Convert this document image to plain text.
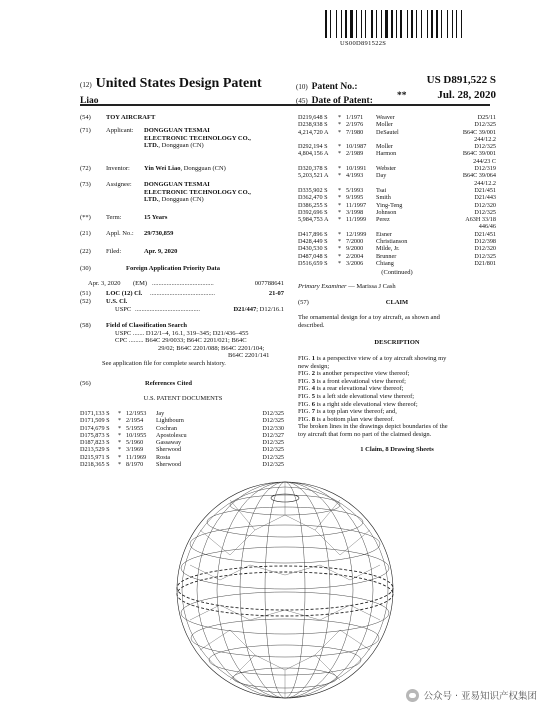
US00D891522S
(12) United States Design Patent
Liao
(10) Patent No.:
US D891,522 S
(45) Date of Patent:	**	Jul. 28, 2020
(54)	TOY AIRCRAFT
(71)	Applicant: DONGGUAN TESMAI
ELECTRONIC TECHNOLOGY CO.,
LTD., Dongguan (CN)
(72)	Inventor: Yin Wei Liao, Dongguan (CN)
(73)	Assignee: DONGGUAN TESMAI
ELECTRONIC TECHNOLOGY CO.,
LTD., Dongguan (CN)
(**)	Term:	15 Years
(21)	Appl. No.: 29/730,859
(22)	Filed:	Apr. 9, 2020
(30)	Foreign Application Priority Data
Apr. 3, 2020 (EM) ......................................	007788641
(51)	LOC (12) Cl. ........................................	21-07
(52)	U.S. Cl.
USPC ........................................	D21/447; D12/16.1
(58)	Field of Classification Search
USPC ....... D12/1–4, 16.1, 319–345; D21/436–455
CPC ......... B64C 29/0033; B64C 2201/021; B64C
29/02; B64C 2201/088; B64C 2201/104;
B64C 2201/141
See application file for complete search history.
(56)	References Cited
U.S. PATENT DOCUMENTS
D171,133 S * 12/1953 Jay	D12/325
D171,509 S * 2/1954 Lightbourn	D12/325
D174,679 S * 5/1955 Cochran	D12/330
D175,873 S * 10/1955 Apostolescu	D12/327
D187,823 S * 5/1960 Gassaway	D12/325
D213,529 S * 3/1969 Sherwood	D12/325
D215,971 S * 11/1969 Rosta	D12/325
D218,365 S * 8/1970 Sherwood	D12/325
D219,648 S * 1/1971 Weaver	D25/11
D238,938 S * 2/1976 Moller	D12/325
4,214,720 A * 7/1980 DeSautel	B64C 39/001
244/12.2
D292,194 S * 10/1987 Moller	D12/325
4,804,156 A * 2/1989 Harmon	B64C 39/001
244/23 C
D320,378 S * 10/1991 Webster	D12/319
5,203,521 A * 4/1993 Day	B64C 39/064
244/12.2
D335,902 S * 5/1993 Tsai	D21/451
D362,470 S * 9/1995 Smith	D21/443
D386,255 S * 11/1997 Ying-Teng	D12/320
D392,696 S * 3/1998 Johnson	D12/325
5,984,753 A * 11/1999 Perez	A63H 33/18
446/46
D417,896 S * 12/1999 Eisner	D21/451
D428,449 S * 7/2000 Christianson	D12/398
D430,530 S * 9/2000 Milde, Jr.	D12/320
D487,048 S * 2/2004 Brunner	D12/325
D516,659 S * 3/2006 Chiang	D21/801
(Continued)
Primary Examiner — Marissa J Cash
(57)	CLAIM
The ornamental design for a toy aircraft, as shown and
described.
DESCRIPTION
FIG. 1 is a perspective view of a toy aircraft showing my
new design;
FIG. 2 is another perspective view thereof;
FIG. 3 is a front elevational view thereof;
FIG. 4 is a rear elevational view thereof;
FIG. 5 is a left side elevational view thereof;
FIG. 6 is a right side elevational view thereof;
FIG. 7 is a top plan view thereof; and,
FIG. 8 is a bottom plan view thereof.
The broken lines in the drawings depict boundaries of the
toy aircraft that form no part of the claimed design.
1 Claim, 8 Drawing Sheets
公众号 · 亚易知识产权集团
